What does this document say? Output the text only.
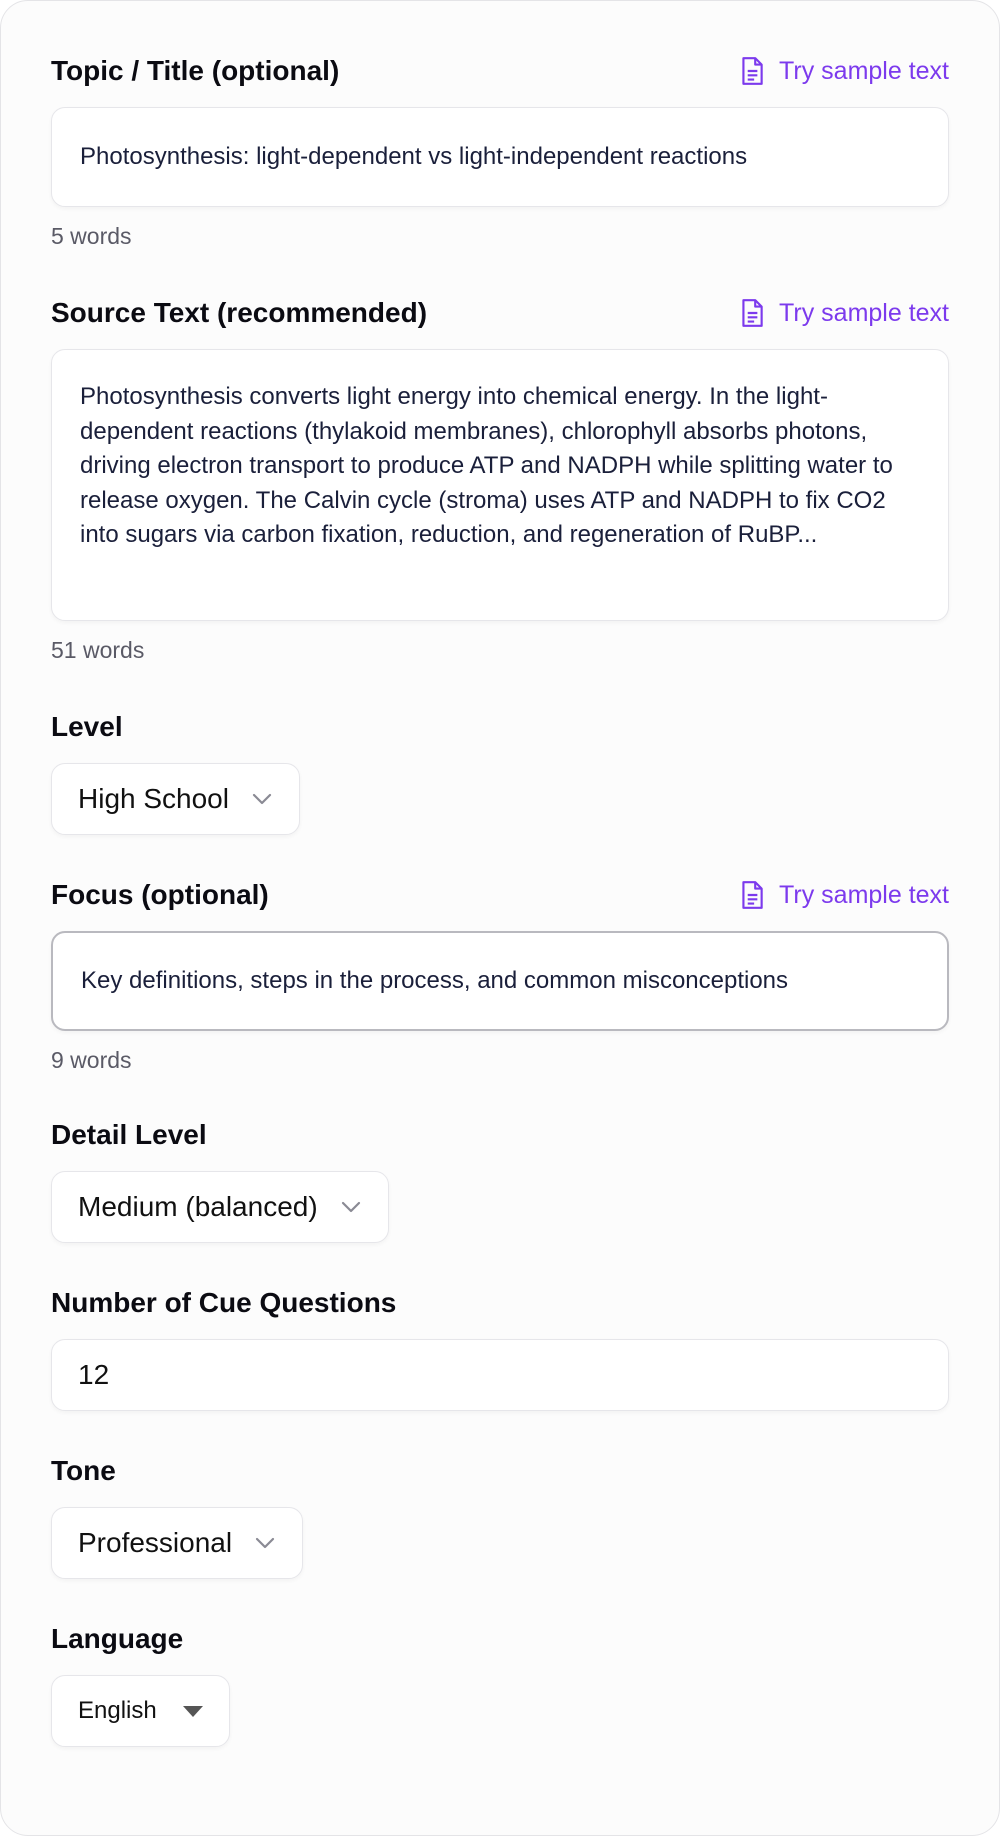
Topic / Title (optional)	Try sample text
Photosynthesis: light-dependent vs light-independent reactions
5 words
Source Text (recommended)	Try sample text
Photosynthesis converts light energy into chemical energy. In the light-dependent reactions (thylakoid membranes), chlorophyll absorbs photons, driving electron transport to produce ATP and NADPH while splitting water to release oxygen. The Calvin cycle (stroma) uses ATP and NADPH to fix CO2 into sugars via carbon fixation, reduction, and regeneration of RuBP...
51 words
Level
High School
Focus (optional)	Try sample text
Key definitions, steps in the process, and common misconceptions
9 words
Detail Level
Medium (balanced)
Number of Cue Questions
12
Tone
Professional
Language
English
